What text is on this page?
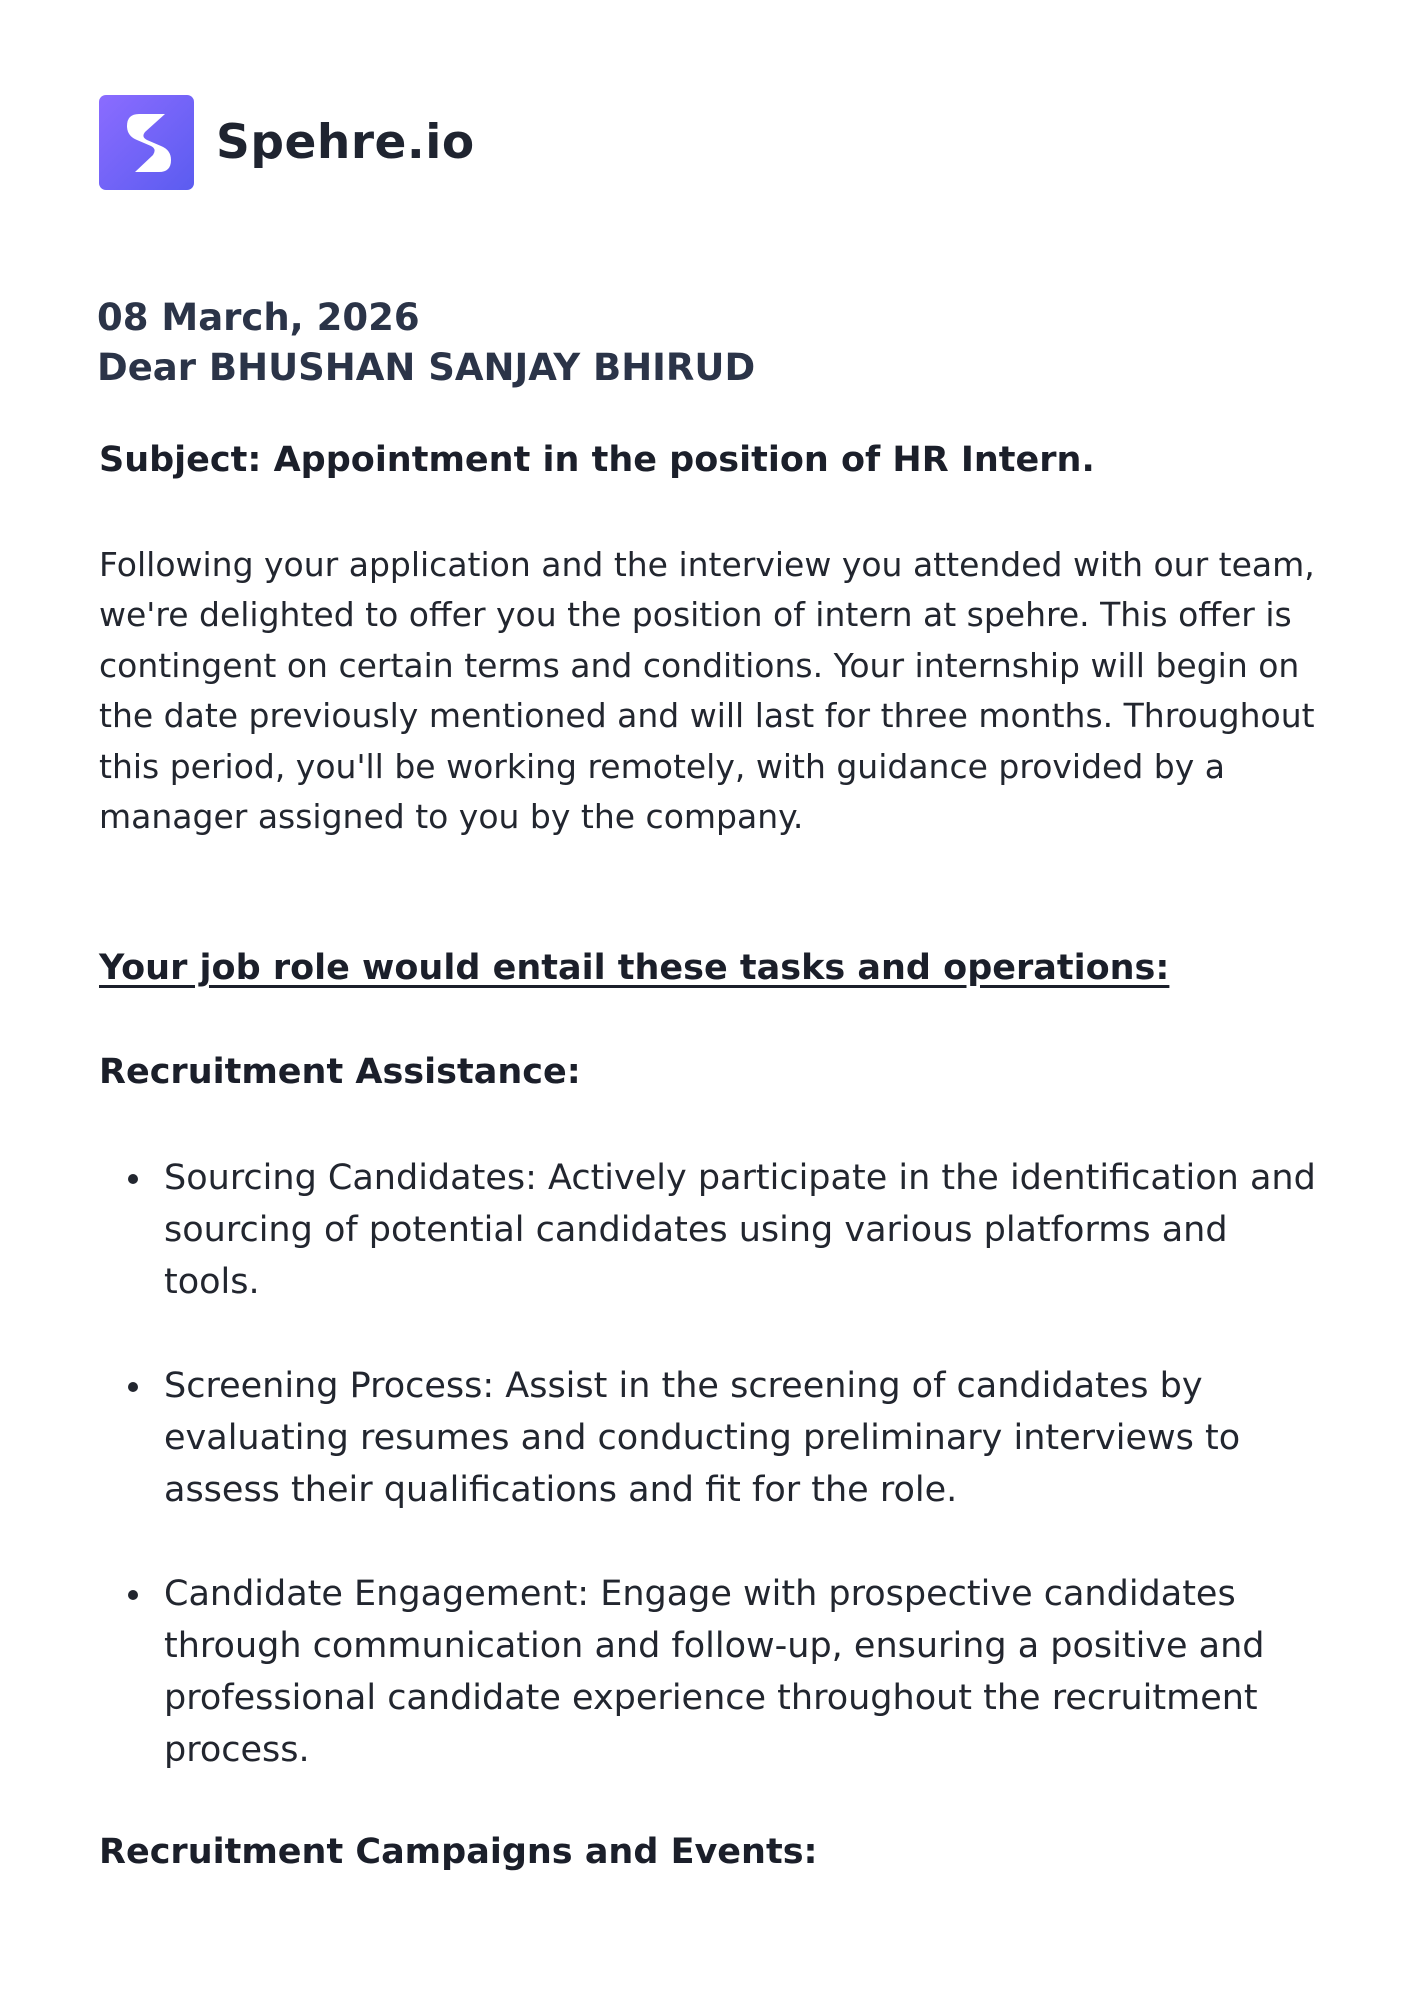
Spehre.io
08 March, 2026
Dear BHUSHAN SANJAY BHIRUD
Subject: Appointment in the position of HR Intern.
Following your application and the interview you attended with our team, we're delighted to offer you the position of intern at spehre. This offer is contingent on certain terms and conditions. Your internship will begin on the date previously mentioned and will last for three months. Throughout this period, you'll be working remotely, with guidance provided by a manager assigned to you by the company.
Your job role would entail these tasks and operations:
Recruitment Assistance:
Sourcing Candidates: Actively participate in the identification and sourcing of potential candidates using various platforms and tools.
Screening Process: Assist in the screening of candidates by evaluating resumes and conducting preliminary interviews to assess their qualifications and fit for the role.
Candidate Engagement: Engage with prospective candidates through communication and follow-up, ensuring a positive and professional candidate experience throughout the recruitment process.
Recruitment Campaigns and Events:
